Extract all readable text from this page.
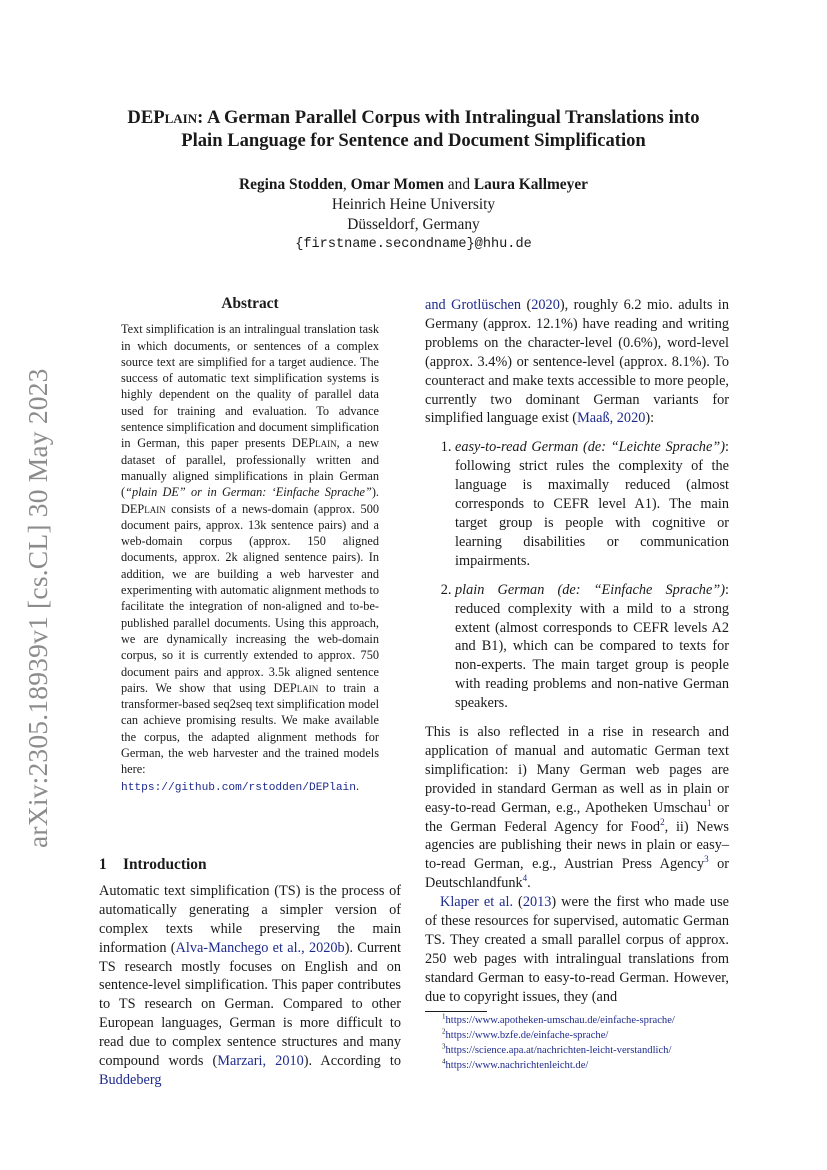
arXiv:2305.18939v1 [cs.CL] 30 May 2023
DEPlain: A German Parallel Corpus with Intralingual Translations into
Plain Language for Sentence and Document Simplification
Regina Stodden, Omar Momen and Laura Kallmeyer
Heinrich Heine University
Düsseldorf, Germany
{firstname.secondname}@hhu.de
Abstract
Text simplification is an intralingual translation task in which documents, or sentences of a complex source text are simplified for a target audience. The success of automatic text simplification systems is highly dependent on the quality of parallel data used for training and evaluation. To advance sentence simplification and document simplification in German, this paper presents DEPlain, a new dataset of parallel, professionally written and manually aligned simplifications in plain German (“plain DE” or in German: ‘Einfache Sprache”). DEPlain consists of a news-domain (approx. 500 document pairs, approx. 13k sentence pairs) and a web-domain corpus (approx. 150 aligned documents, approx. 2k aligned sentence pairs). In addition, we are building a web harvester and experimenting with automatic alignment methods to facilitate the integration of non-aligned and to-be-published parallel documents. Using this approach, we are dynamically increasing the web-domain corpus, so it is currently extended to approx. 750 document pairs and approx. 3.5k aligned sentence pairs. We show that using DEPlain to train a transformer-based seq2seq text simplification model can achieve promising results. We make available the corpus, the adapted alignment methods for German, the web harvester and the trained models here: https://github.com/rstodden/DEPlain.
1 Introduction
Automatic text simplification (TS) is the process of automatically generating a simpler version of complex texts while preserving the main information (Alva-Manchego et al., 2020b). Current TS research mostly focuses on English and on sentence-level simplification. This paper contributes to TS research on German. Compared to other European languages, German is more difficult to read due to complex sentence structures and many compound words (Marzari, 2010). According to Buddeberg

and Grotlüschen (2020), roughly 6.2 mio. adults in Germany (approx. 12.1%) have reading and writing problems on the character-level (0.6%), word-level (approx. 3.4%) or sentence-level (approx. 8.1%). To counteract and make texts accessible to more people, currently two dominant German variants for simplified language exist (Maaß, 2020):

1. easy-to-read German (de: “Leichte Sprache”): following strict rules the complexity of the language is maximally reduced (almost corresponds to CEFR level A1). The main target group is people with cognitive or learning disabilities or communication impairments.
2. plain German (de: “Einfache Sprache”): reduced complexity with a mild to a strong extent (almost corresponds to CEFR levels A2 and B1), which can be compared to texts for non-experts. The main target group is people with reading problems and non-native German speakers.

This is also reflected in a rise in research and application of manual and automatic German text simplification: i) Many German web pages are provided in standard German as well as in plain or easy-to-read German, e.g., Apotheken Umschau$^1$ or the German Federal Agency for Food$^2$, ii) News agencies are publishing their news in plain or easy–to-read German, e.g., Austrian Press Agency$^3$ or Deutschlandfunk$^4$.

Klaper et al. (2013) were the first who made use of these resources for supervised, automatic German TS. They created a small parallel corpus of approx. 250 web pages with intralingual translations from standard German to easy-to-read German. However, due to copyright issues, they (and

$^1$https://www.apotheken-umschau.de/einfache-sprache/
$^2$https://www.bzfe.de/einfache-sprache/
$^3$https://science.apa.at/nachrichten-leicht-verstandlich/
$^4$https://www.nachrichtenleicht.de/
